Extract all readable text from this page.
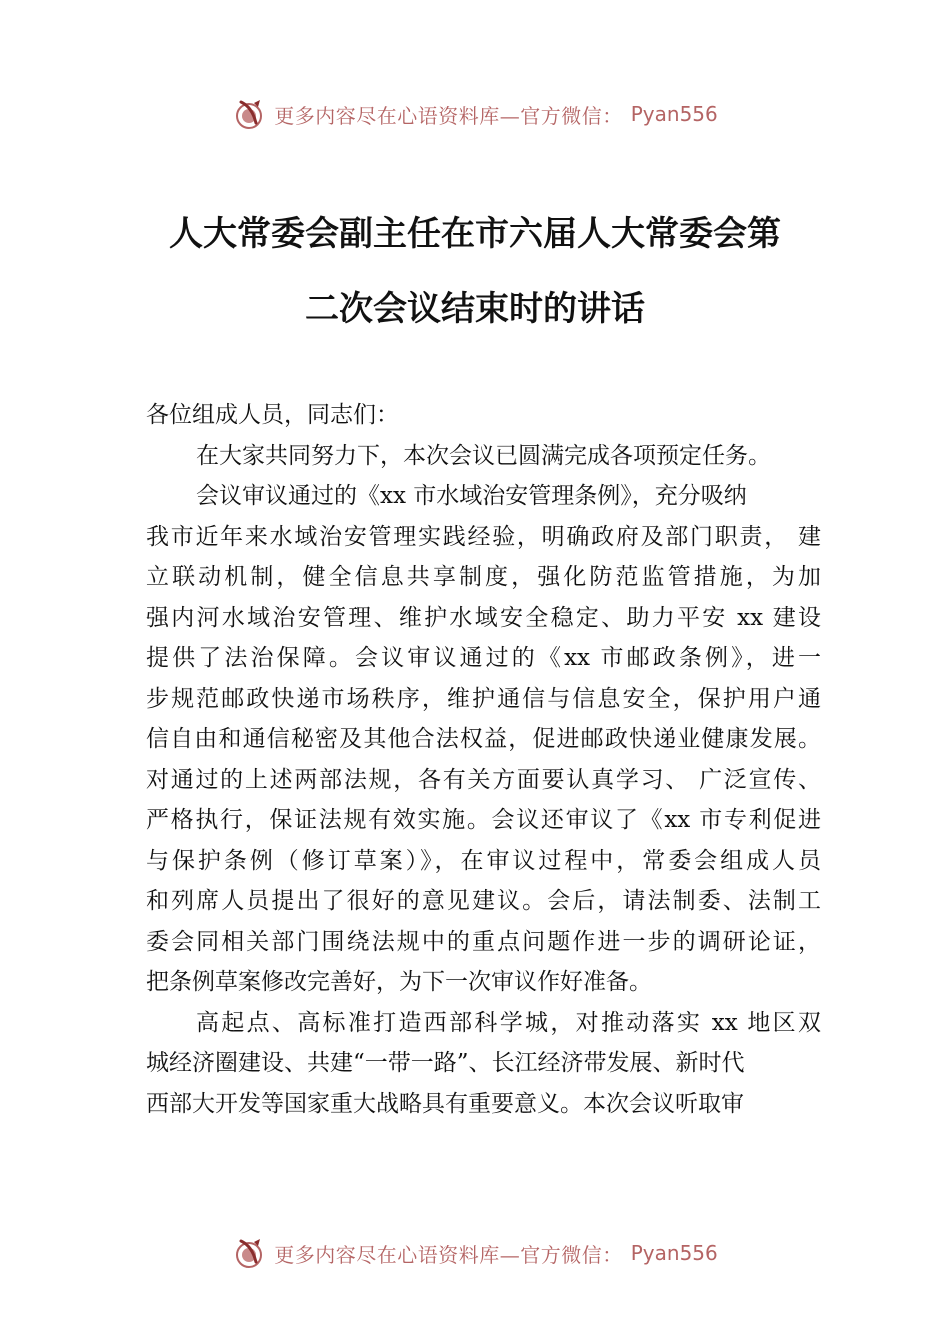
更多内容尽在心语资料库—官方微信： Pyan556
人大常委会副主任在市六届人大常委会第
二次会议结束时的讲话

各位组成人员，同志们：

在大家共同努力下，本次会议已圆满完成各项预定任务。

会议审议通过的《xx 市水域治安管理条例》，充分吸纳

我市近年来水域治安管理实践经验，明确政府及部门职责， 建

立联动机制，健全信息共享制度，强化防范监管措施，为加

强内河水域治安管理、维护水域安全稳定、助力平安 xx 建设

提供了法治保障。会议审议通过的《xx 市邮政条例》，进一

步规范邮政快递市场秩序，维护通信与信息安全，保护用户通

信自由和通信秘密及其他合法权益，促进邮政快递业健康发展。

对通过的上述两部法规，各有关方面要认真学习、 广泛宣传、

严格执行，保证法规有效实施。会议还审议了《xx 市专利促进

与保护条例（修订草案）》，在审议过程中，常委会组成人员

和列席人员提出了很好的意见建议。会后，请法制委、法制工

委会同相关部门围绕法规中的重点问题作进一步的调研论证，

把条例草案修改完善好，为下一次审议作好准备。

高起点、高标准打造西部科学城，对推动落实 xx 地区双

城经济圈建设、共建“一带一路”、长江经济带发展、新时代

西部大开发等国家重大战略具有重要意义。本次会议听取审

更多内容尽在心语资料库—官方微信： Pyan556
